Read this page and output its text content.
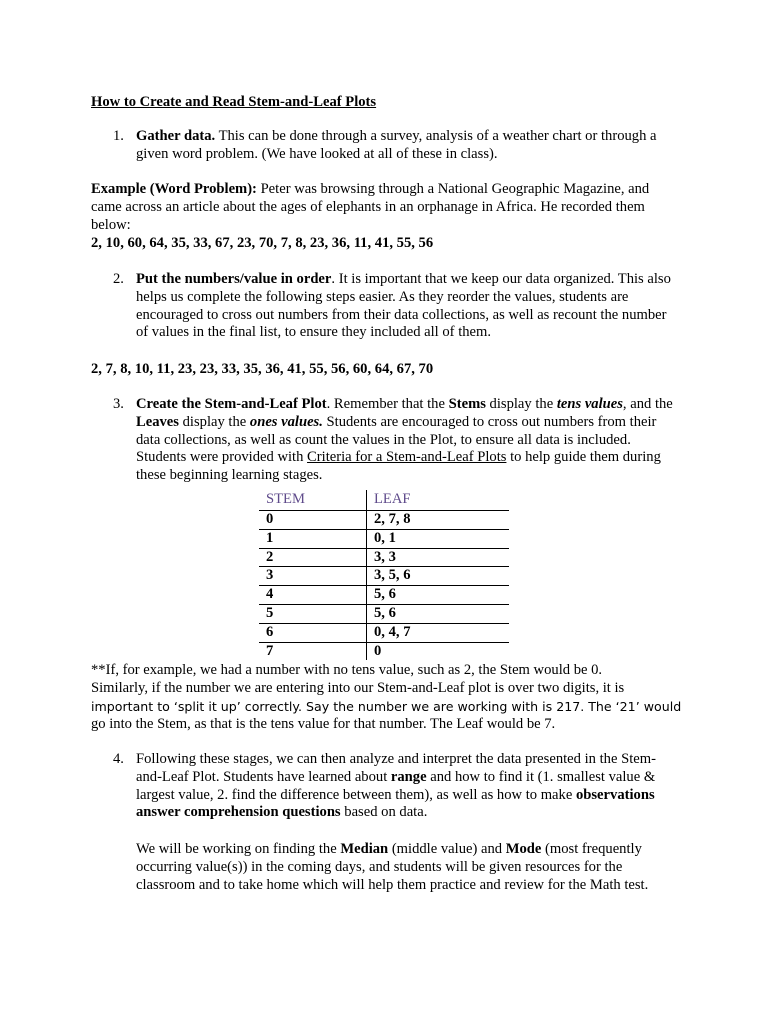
How to Create and Read Stem-and-Leaf Plots

1. Gather data. This can be done through a survey, analysis of a weather chart or through a given word problem. (We have looked at all of these in class).

Example (Word Problem): Peter was browsing through a National Geographic Magazine, and came across an article about the ages of elephants in an orphanage in Africa. He recorded them below:

2, 10, 60, 64, 35, 33, 67, 23, 70, 7, 8, 23, 36, 11, 41, 55, 56

2. Put the numbers/value in order. It is important that we keep our data organized. This also helps us complete the following steps easier. As they reorder the values, students are encouraged to cross out numbers from their data collections, as well as recount the number of values in the final list, to ensure they included all of them.

2, 7, 8, 10, 11, 23, 23, 33, 35, 36, 41, 55, 56, 60, 64, 67, 70

3. Create the Stem-and-Leaf Plot. Remember that the Stems display the tens values, and the Leaves display the ones values. Students are encouraged to cross out numbers from their data collections, as well as count the values in the Plot, to ensure all data is included. Students were provided with Criteria for a Stem-and-Leaf Plots to help guide them during these beginning learning stages.

STEM	LEAF
0	2, 7, 8
1	0, 1
2	3, 3
3	3, 5, 6
4	5, 6
5	5, 6
6	0, 4, 7
7	0

**If, for example, we had a number with no tens value, such as 2, the Stem would be 0.

Similarly, if the number we are entering into our Stem-and-Leaf plot is over two digits, it is

important to ‘split it up’ correctly. Say the number we are working with is 217. The ‘21’ would

go into the Stem, as that is the tens value for that number. The Leaf would be 7.

4. Following these stages, we can then analyze and interpret the data presented in the Stem-and-Leaf Plot. Students have learned about range and how to find it (1. smallest value & largest value, 2. find the difference between them), as well as how to make observations answer comprehension questions based on data.

We will be working on finding the Median (middle value) and Mode (most frequently occurring value(s)) in the coming days, and students will be given resources for the classroom and to take home which will help them practice and review for the Math test.
